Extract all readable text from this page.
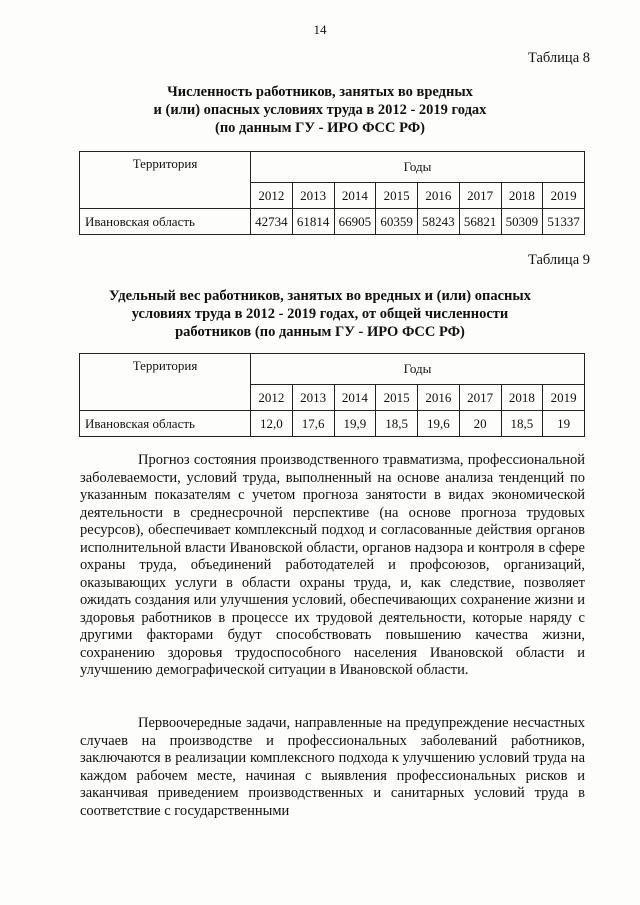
14
Таблица 8
Численность работников, занятых во вредных
и (или) опасных условиях труда в 2012 - 2019 годах
(по данным ГУ - ИРО ФСС РФ)
Территория	Годы							
	2012	2013	2014	2015	2016	2017	2018	2019
Ивановская область	42734	61814	66905	60359	58243	56821	50309	51337
Таблица 9
Удельный вес работников, занятых во вредных и (или) опасных
условиях труда в 2012 - 2019 годах, от общей численности
работников (по данным ГУ - ИРО ФСС РФ)
Территория	Годы							
	2012	2013	2014	2015	2016	2017	2018	2019
Ивановская область	12,0	17,6	19,9	18,5	19,6	20	18,5	19

Прогноз состояния производственного травматизма, профессиональной заболеваемости, условий труда, выполненный на основе анализа тенденций по указанным показателям с учетом прогноза занятости в видах экономической деятельности в среднесрочной перспективе (на основе прогноза трудовых ресурсов), обеспечивает комплексный подход и согласованные действия органов исполнительной власти Ивановской области, органов надзора и контроля в сфере охраны труда, объединений работодателей и профсоюзов, организаций, оказывающих услуги в области охраны труда, и, как следствие, позволяет ожидать создания или улучшения условий, обеспечивающих сохранение жизни и здоровья работников в процессе их трудовой деятельности, которые наряду с другими факторами будут способствовать повышению качества жизни, сохранению здоровья трудоспособного населения Ивановской области и улучшению демографической ситуации в Ивановской области.

Первоочередные задачи, направленные на предупреждение несчастных случаев на производстве и профессиональных заболеваний работников, заключаются в реализации комплексного подхода к улучшению условий труда на каждом рабочем месте, начиная с выявления профессиональных рисков и заканчивая приведением производственных и санитарных условий труда в соответствие с государственными
